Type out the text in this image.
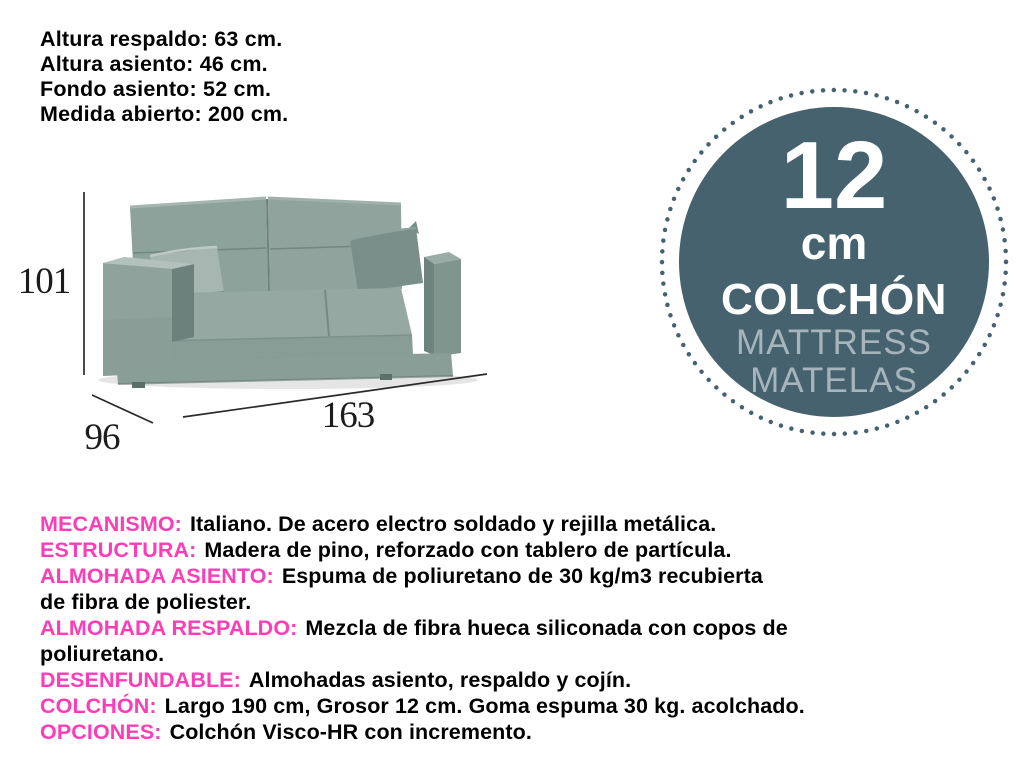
Altura respaldo: 63 cm.
Altura asiento: 46 cm.
Fondo asiento: 52 cm.
Medida abierto: 200 cm.
101
96
163
12
cm
COLCHÓN
MATTRESS
MATELAS
MECANISMO: Italiano. De acero electro soldado y rejilla metálica.
ESTRUCTURA: Madera de pino, reforzado con tablero de partícula.
ALMOHADA ASIENTO: Espuma de poliuretano de 30 kg/m3 recubierta
de fibra de poliester.
ALMOHADA RESPALDO: Mezcla de fibra hueca siliconada con copos de
poliuretano.
DESENFUNDABLE: Almohadas asiento, respaldo y cojín.
COLCHÓN: Largo 190 cm, Grosor 12 cm. Goma espuma 30 kg. acolchado.
OPCIONES: Colchón Visco-HR con incremento.
